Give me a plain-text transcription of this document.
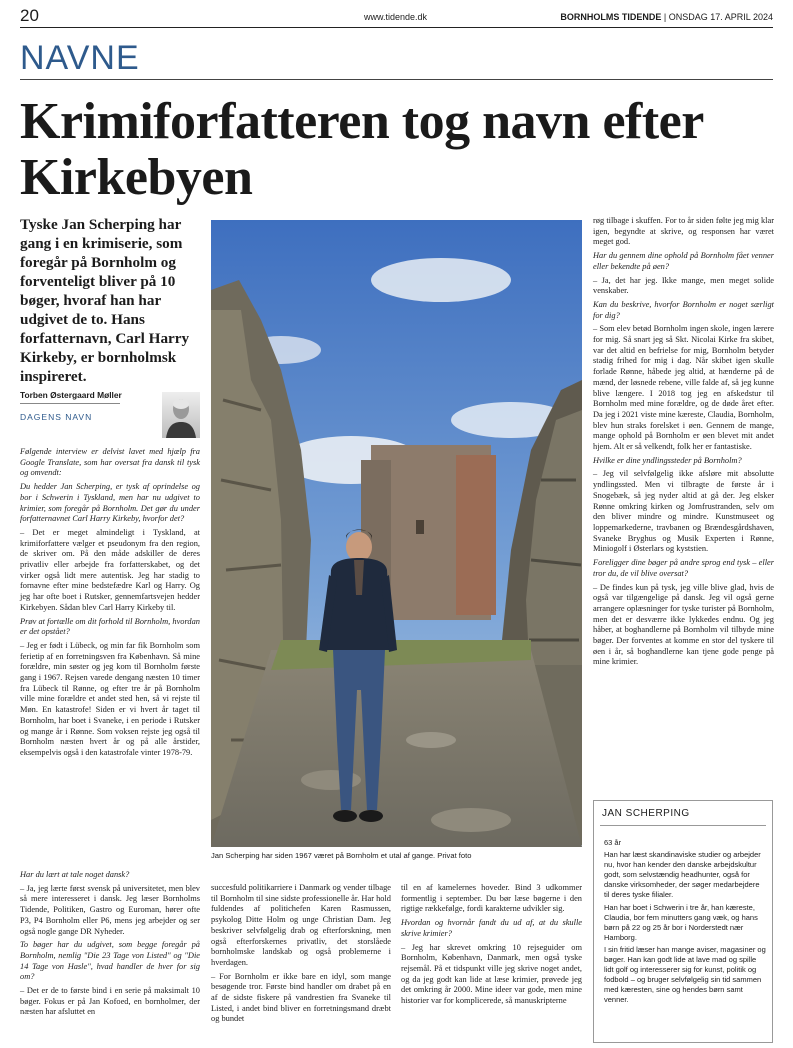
20	www.tidende.dk	BORNHOLMS TIDENDE | ONSDAG 17. APRIL 2024
NAVNE
Krimiforfatteren tog navn efter Kirkebyen
Tyske Jan Scherping har gang i en krimiserie, som foregår på Bornholm og forventeligt bliver på 10 bøger, hvoraf han har udgivet de to. Hans forfatternavn, Carl Harry Kirkeby, er bornholmsk inspireret.
Torben Østergaard Møller
DAGENS NAVN

Følgende interview er delvist lavet med hjælp fra Google Translate, som har oversat fra dansk til tysk og omvendt:

Du hedder Jan Scherping, er tysk af oprindelse og bor i Schwerin i Tyskland, men har nu udgivet to krimier, som foregår på Bornholm. Det gør du under forfatternavnet Carl Harry Kirkeby, hvorfor det?

– Det er meget almindeligt i Tyskland, at krimiforfattere vælger et pseudonym fra den region, de skriver om. På den måde adskiller de deres privatliv eller arbejde fra forfatterskabet, og det virker også lidt mere autentisk. Jeg har stadig to fornavne efter mine bedstefædre Karl og Harry. Og jeg har ofte boet i Rutsker, gennemfartsvejen hedder Kirkebyen. Sådan blev Carl Harry Kirkeby til.

Prøv at fortælle om dit forhold til Bornholm, hvordan er det opstået?

– Jeg er født i Lübeck, og min far fik Bornholm som ferietip af en forretningsven fra København. Så mine forældre, min søster og jeg kom til Bornholm første gang i 1967. Rejsen varede dengang næsten 10 timer fra Lübeck til Rønne, og efter tre år på Bornholm ville mine forældre et andet sted hen, så vi rejste til Møn. En katastrofe! Siden er vi hvert år taget til Bornholm, har boet i Svaneke, i en periode i Rutsker og mange år i Rønne. Som voksen rejste jeg også til Bornholm næsten hvert år og på alle årstider, eksempelvis også i den katastrofale vinter 1978-79.

Jan Scherping har siden 1967 været på Bornholm et utal af gange. Privat foto

Har du lært at tale noget dansk?

– Ja, jeg lærte først svensk på universitetet, men blev så mere interesseret i dansk. Jeg læser Bornholms Tidende, Politiken, Gastro og Euroman, hører ofte P3, P4 Bornholm eller P6, mens jeg arbejder og ser også nogle gange DR Nyheder.

To bøger har du udgivet, som begge foregår på Bornholm, nemlig "Die 23 Tage von Listed" og "Die 14 Tage von Hasle", hvad handler de hver for sig om?

– Det er de to første bind i en serie på maksimalt 10 bøger. Fokus er på Jan Kofoed, en bornholmer, der næsten har afsluttet en

succesfuld politikarriere i Danmark og vender tilbage til Bornholm til sine sidste professionelle år. Har hold fuldendes af politichefen Karen Rasmussen, psykolog Ditte Holm og unge Christian Dam. Jeg beskriver selvfølgelig drab og efterforskning, men også efterforskernes privatliv, det storslåede bornholmske landskab og også problemerne i hverdagen.

– For Bornholm er ikke bare en idyl, som mange besøgende tror. Første bind handler om drabet på en af de sidste fiskere på vandrestien fra Svaneke til Listed, i andet bind bliver en forretningsmand dræbt og bundet

til en af kamelernes hoveder. Bind 3 udkommer formentlig i september. Du bør læse bøgerne i den rigtige rækkefølge, fordi karakterne udvikler sig.

Hvordan og hvornår fandt du ud af, at du skulle skrive krimier?

– Jeg har skrevet omkring 10 rejseguider om Bornholm, København, Danmark, men også tyske rejsemål. På et tidspunkt ville jeg skrive noget andet, og da jeg godt kan lide at læse krimier, prøvede jeg det omkring år 2000. Mine ideer var gode, men mine historier var for komplicerede, så manuskripterne

røg tilbage i skuffen. For to år siden følte jeg mig klar igen, begyndte at skrive, og responsen har været meget god.

Har du gennem dine ophold på Bornholm fået venner eller bekendte på øen?

– Ja, det har jeg. Ikke mange, men meget solide venskaber.

Kan du beskrive, hvorfor Bornholm er noget særligt for dig?

– Som elev betød Bornholm ingen skole, ingen lærere for mig. Så snart jeg så Skt. Nicolai Kirke fra skibet, var det altid en befrielse for mig, Bornholm betyder stadig frihed for mig i dag. Når skibet igen skulle forlade Rønne, håbede jeg altid, at hænderne på de mænd, der løsnede rebene, ville falde af, så jeg kunne blive længere. I 2018 tog jeg en afskedstur til Bornholm med mine forældre, og de døde året efter. Da jeg i 2021 viste mine kæreste, Claudia, Bornholm, blev hun straks forelsket i øen. Gennem de mange, mange ophold på Bornholm er øen blevet mit andet hjem. Alt er så velkendt, folk her er fantastiske.

Hvilke er dine yndlingssteder på Bornholm?

– Jeg vil selvfølgelig ikke afsløre mit absolutte yndlingssted. Men vi tilbragte de første år i Snogebæk, så jeg nyder altid at gå der. Jeg elsker Rønne omkring kirken og Jomfrustranden, selv om den bliver mindre og mindre. Kunstmuseet og loppemarkederne, travbanen og Brændesgårdshaven, Svaneke Bryghus og Musik Experten i Rønne, Miniogolf i Østerlars og kyststien.

Foreligger dine bøger på andre sprog end tysk – eller tror du, de vil blive oversat?

– De findes kun på tysk, jeg ville blive glad, hvis de også var tilgængelige på dansk. Jeg vil også gerne arrangere oplæsninger for tyske turister på Bornholm, men det er desværre ikke lykkedes endnu. Og jeg håber, at boghandlerne på Bornholm vil tilbyde mine bøger. Der forventes at komme en stor del tyskere til øen i år, så boghandlerne kan tjene gode penge på mine krimier.

JAN SCHERPING

63 år

Han har læst skandinaviske studier og arbejder nu, hvor han kender den danske arbejdskultur godt, som selvstændig headhunter, også for danske virksomheder, der søger medarbejdere til deres tyske filialer.

Han har boet i Schwerin i tre år, han kæreste, Claudia, bor fem minutters gang væk, og hans børn på 22 og 25 år bor i Norderstedt nær Hamborg.

I sin fritid læser han mange aviser, magasiner og bøger. Han kan godt lide at lave mad og spille lidt golf og interesserer sig for kunst, politik og fodbold – og bruger selvfølgelig sin tid sammen med kæresten, sine og hendes børn samt venner.
